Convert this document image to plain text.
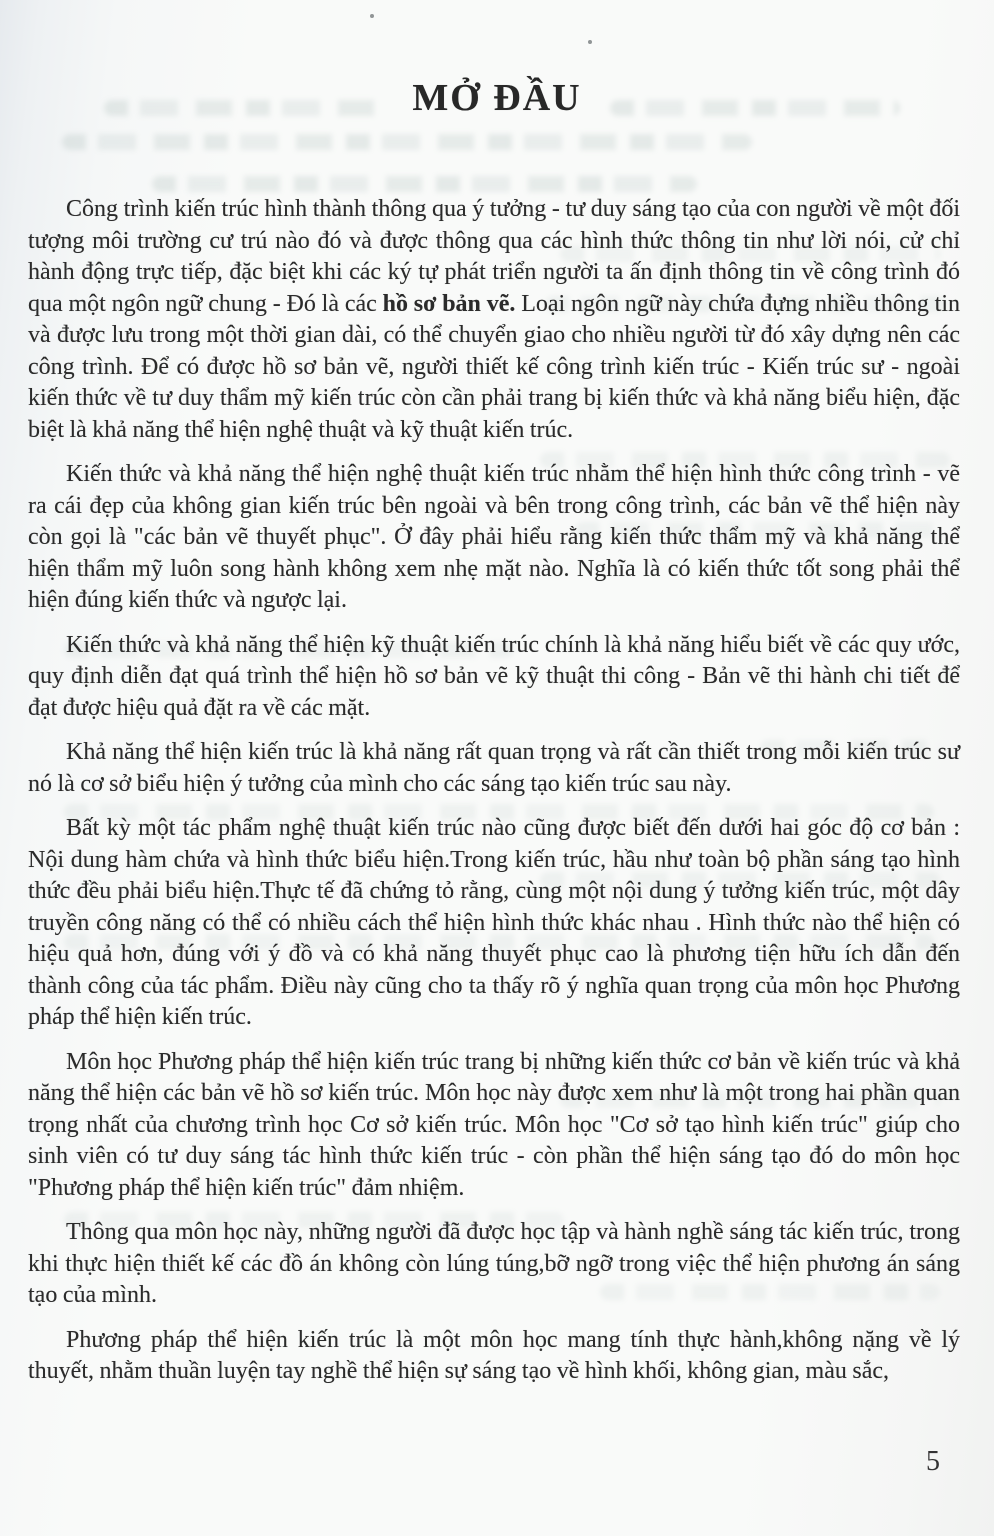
MỞ ĐẦU

Công trình kiến trúc hình thành thông qua ý tưởng - tư duy sáng tạo của con người về một đối tượng môi trường cư trú nào đó và được thông qua các hình thức thông tin như lời nói, cử chỉ hành động trực tiếp, đặc biệt khi các ký tự phát triển người ta ấn định thông tin về công trình đó qua một ngôn ngữ chung - Đó là các hồ sơ bản vẽ. Loại ngôn ngữ này chứa đựng nhiều thông tin và được lưu trong một thời gian dài, có thể chuyển giao cho nhiều người từ đó xây dựng nên các công trình. Để có được hồ sơ bản vẽ, người thiết kế công trình kiến trúc - Kiến trúc sư - ngoài kiến thức về tư duy thẩm mỹ kiến trúc còn cần phải trang bị kiến thức và khả năng biểu hiện, đặc biệt là khả năng thể hiện nghệ thuật và kỹ thuật kiến trúc.

Kiến thức và khả năng thể hiện nghệ thuật kiến trúc nhằm thể hiện hình thức công trình - vẽ ra cái đẹp của không gian kiến trúc bên ngoài và bên trong công trình, các bản vẽ thể hiện này còn gọi là "các bản vẽ thuyết phục". Ở đây phải hiểu rằng kiến thức thẩm mỹ và khả năng thể hiện thẩm mỹ luôn song hành không xem nhẹ mặt nào. Nghĩa là có kiến thức tốt song phải thể hiện đúng kiến thức và ngược lại.

Kiến thức và khả năng thể hiện kỹ thuật kiến trúc chính là khả năng hiểu biết về các quy ước, quy định diễn đạt quá trình thể hiện hồ sơ bản vẽ kỹ thuật thi công - Bản vẽ thi hành chi tiết để đạt được hiệu quả đặt ra về các mặt.

Khả năng thể hiện kiến trúc là khả năng rất quan trọng và rất cần thiết trong mỗi kiến trúc sư nó là cơ sở biểu hiện ý tưởng của mình cho các sáng tạo kiến trúc sau này.

Bất kỳ một tác phẩm nghệ thuật kiến trúc nào cũng được biết đến dưới hai góc độ cơ bản : Nội dung hàm chứa và hình thức biểu hiện.Trong kiến trúc, hầu như toàn bộ phần sáng tạo hình thức đều phải biểu hiện.Thực tế đã chứng tỏ rằng, cùng một nội dung ý tưởng kiến trúc, một dây truyền công năng có thể có nhiều cách thể hiện hình thức khác nhau . Hình thức nào thể hiện có hiệu quả hơn, đúng với ý đồ và có khả năng thuyết phục cao là phương tiện hữu ích dẫn đến thành công của tác phẩm. Điều này cũng cho ta thấy rõ ý nghĩa quan trọng của môn học Phương pháp thể hiện kiến trúc.

Môn học Phương pháp thể hiện kiến trúc trang bị những kiến thức cơ bản về kiến trúc và khả năng thể hiện các bản vẽ hồ sơ kiến trúc. Môn học này được xem như là một trong hai phần quan trọng nhất của chương trình học Cơ sở kiến trúc. Môn học "Cơ sở tạo hình kiến trúc" giúp cho sinh viên có tư duy sáng tác hình thức kiến trúc - còn phần thể hiện sáng tạo đó do môn học "Phương pháp thể hiện kiến trúc" đảm nhiệm.

Thông qua môn học này, những người đã được học tập và hành nghề sáng tác kiến trúc, trong khi thực hiện thiết kế các đồ án không còn lúng túng,bỡ ngỡ trong việc thể hiện phương án sáng tạo của mình.

Phương pháp thể hiện kiến trúc là một môn học mang tính thực hành,không nặng về lý thuyết, nhằm thuần luyện tay nghề thể hiện sự sáng tạo về hình khối, không gian, màu sắc,

5
